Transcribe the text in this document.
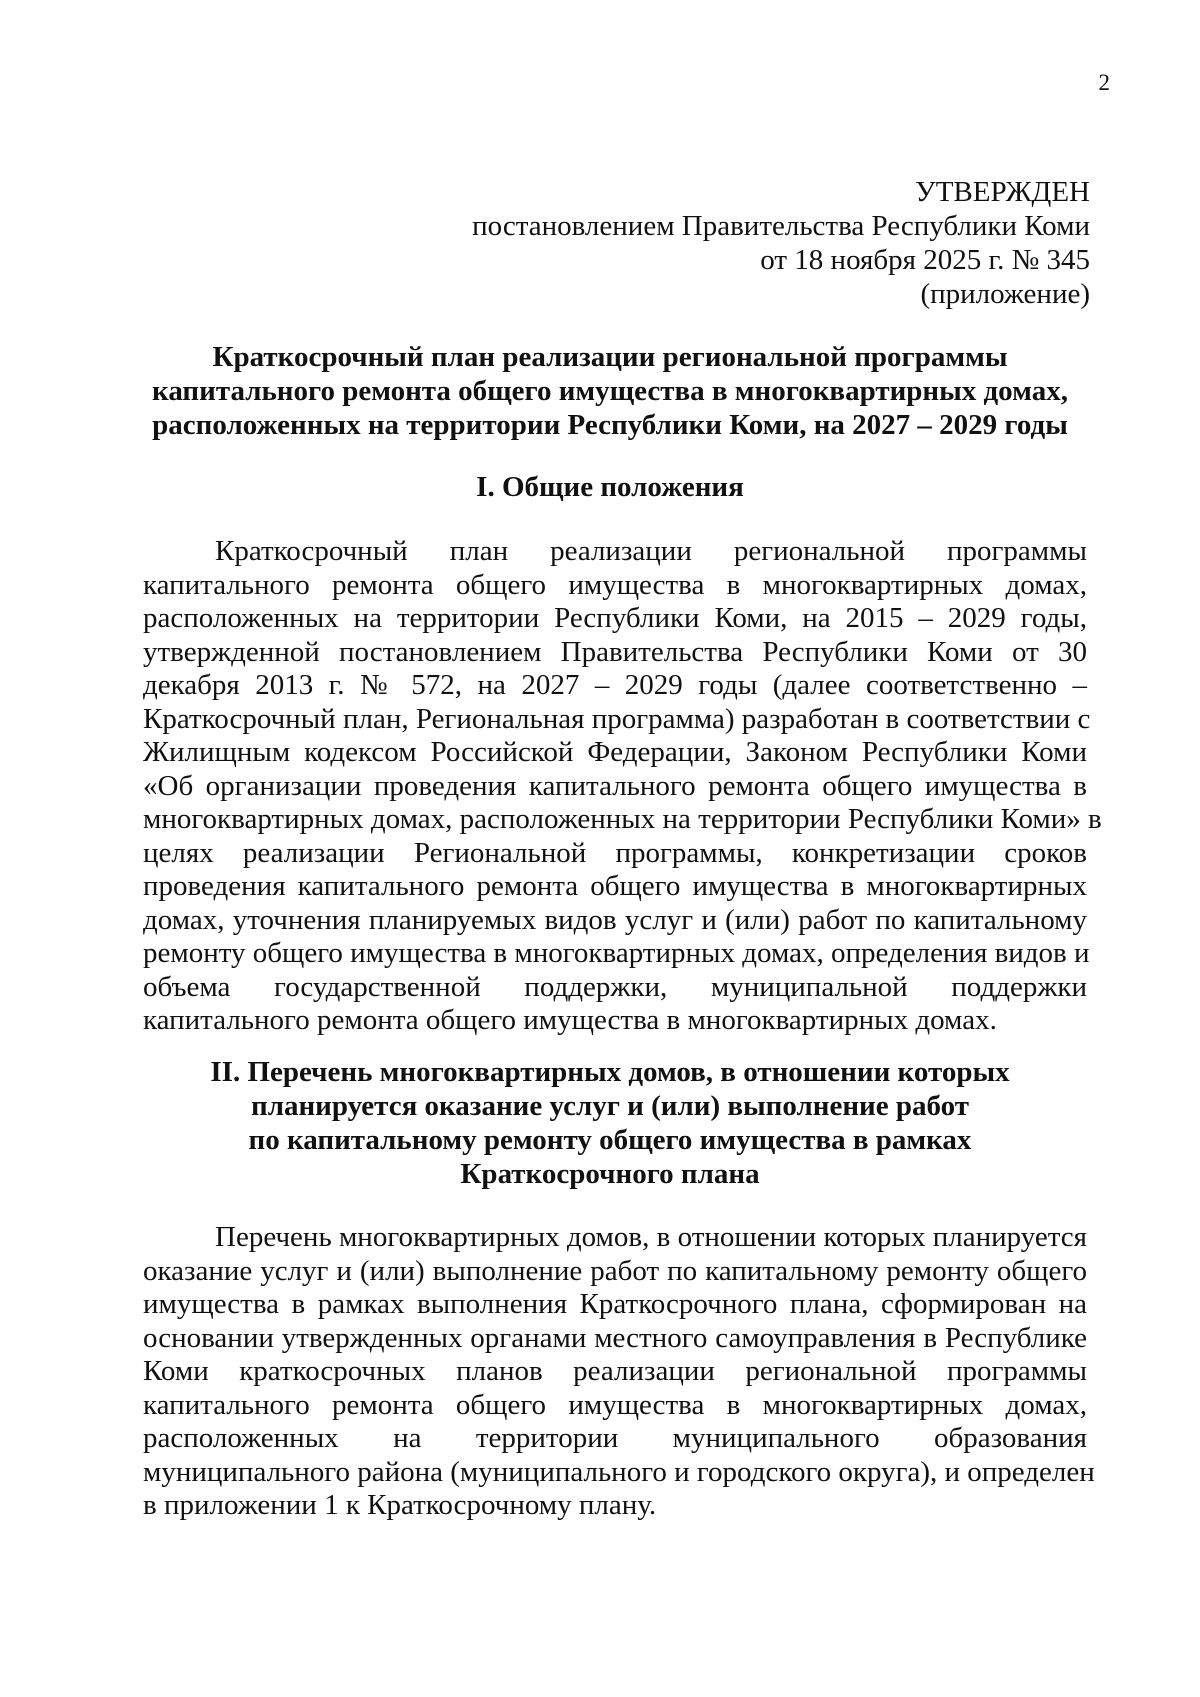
2
УТВЕРЖДЕН
постановлением Правительства Республики Коми
от 18 ноября 2025 г. № 345
(приложение)
Краткосрочный план реализации региональной программы
капитального ремонта общего имущества в многоквартирных домах,
расположенных на территории Республики Коми, на 2027 – 2029 годы
I. Общие положения
Краткосрочный план реализации региональной программы
капитального ремонта общего имущества в многоквартирных домах,
расположенных на территории Республики Коми, на 2015 – 2029 годы,
утвержденной постановлением Правительства Республики Коми от 30
декабря 2013 г. № 572, на 2027 – 2029 годы (далее соответственно –
Краткосрочный план, Региональная программа) разработан в соответствии с
Жилищным кодексом Российской Федерации, Законом Республики Коми
«Об организации проведения капитального ремонта общего имущества в
многоквартирных домах, расположенных на территории Республики Коми» в
целях реализации Региональной программы, конкретизации сроков
проведения капитального ремонта общего имущества в многоквартирных
домах, уточнения планируемых видов услуг и (или) работ по капитальному
ремонту общего имущества в многоквартирных домах, определения видов и
объема государственной поддержки, муниципальной поддержки
капитального ремонта общего имущества в многоквартирных домах.
II. Перечень многоквартирных домов, в отношении которых
планируется оказание услуг и (или) выполнение работ
по капитальному ремонту общего имущества в рамках
Краткосрочного плана
Перечень многоквартирных домов, в отношении которых планируется
оказание услуг и (или) выполнение работ по капитальному ремонту общего
имущества в рамках выполнения Краткосрочного плана, сформирован на
основании утвержденных органами местного самоуправления в Республике
Коми краткосрочных планов реализации региональной программы
капитального ремонта общего имущества в многоквартирных домах,
расположенных на территории муниципального образования
муниципального района (муниципального и городского округа), и определен
в приложении 1 к Краткосрочному плану.
